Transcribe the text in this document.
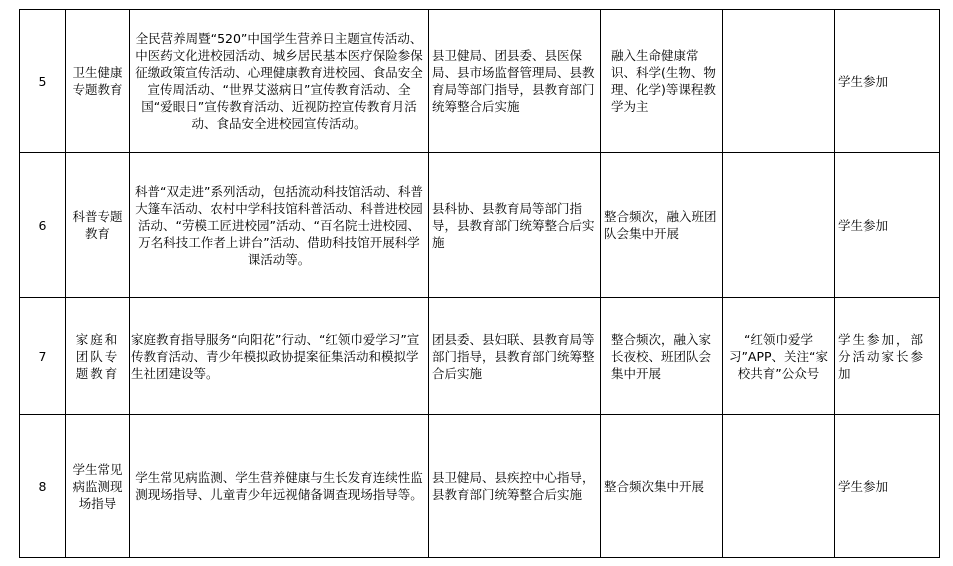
5	卫生健康专题教育	全民营养周暨“520”中国学生营养日主题宣传活动、中医药文化进校园活动、城乡居民基本医疗保险参保征缴政策宣传活动、心理健康教育进校园、食品安全宣传周活动、“世界艾滋病日”宣传教育活动、全国“爱眼日”宣传教育活动、近视防控宣传教育月活动、食品安全进校园宣传活动。	县卫健局、团县委、县医保局、县市场监督管理局、县教育局等部门指导，县教育部门统筹整合后实施	融入生命健康常识、科学(生物、物理、化学)等课程教学为主		学生参加
6	科普专题教育	科普“双走进”系列活动，包括流动科技馆活动、科普大篷车活动、农村中学科技馆科普活动、科普进校园活动、“劳模工匠进校园”活动、“百名院士进校园、万名科技工作者上讲台”活动、借助科技馆开展科学课活动等。	县科协、县教育局等部门指导，县教育部门统筹整合后实施	整合频次，融入班团队会集中开展		学生参加
7	家庭和团队专题教育	家庭教育指导服务“向阳花”行动、“红领巾爱学习”宣传教育活动、青少年模拟政协提案征集活动和模拟学生社团建设等。	团县委、县妇联、县教育局等部门指导，县教育部门统筹整合后实施	整合频次，融入家长夜校、班团队会集中开展	“红领巾爱学习”APP、关注“家校共育”公众号	学生参加，部分活动家长参加
8	学生常见病监测现场指导	学生常见病监测、学生营养健康与生长发育连续性监测现场指导、儿童青少年远视储备调查现场指导等。	县卫健局、县疾控中心指导，县教育部门统筹整合后实施	整合频次集中开展		学生参加
